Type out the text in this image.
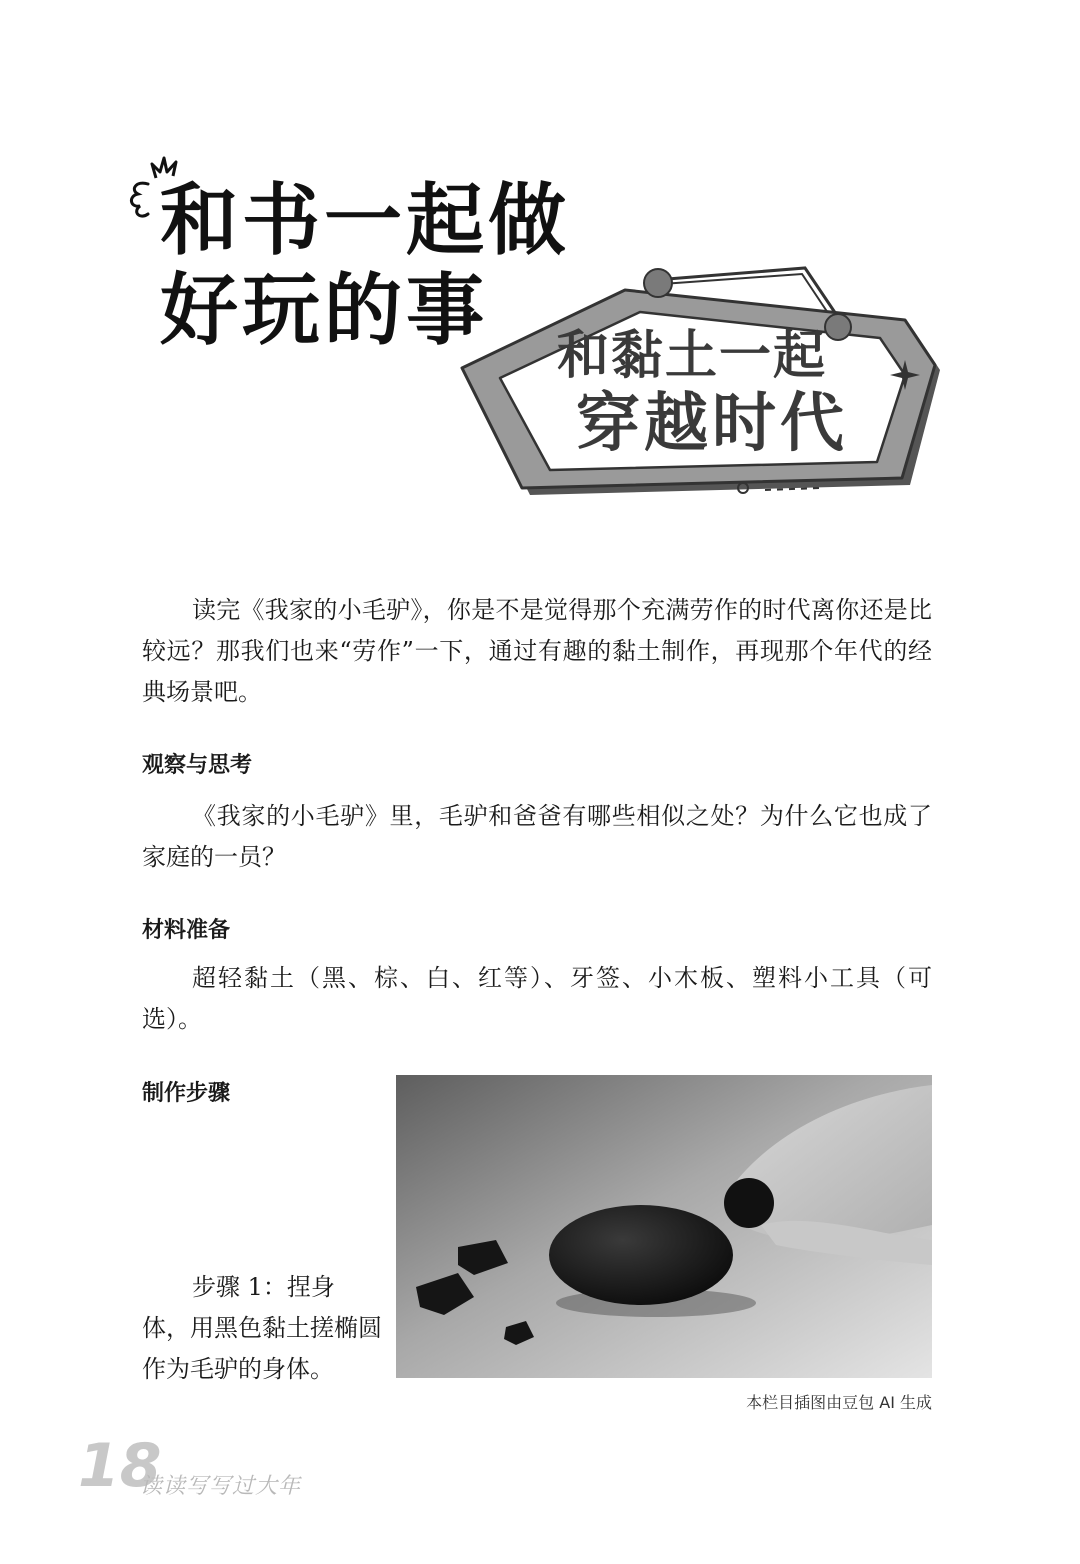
和书一起做
好玩的事 和黏土一起
穿越时代

读完《我家的小毛驴》，你是不是觉得那个充满劳作的时代离你还是比较远？那我们也来“劳作”一下，通过有趣的黏土制作，再现那个年代的经典场景吧。

观察与思考

《我家的小毛驴》里，毛驴和爸爸有哪些相似之处？为什么它也成了家庭的一员？

材料准备

超轻黏土（黑、棕、白、红等）、牙签、小木板、塑料小工具（可选）。

制作步骤

步骤 1：捏身体，用黑色黏土搓椭圆作为毛驴的身体。

本栏目插图由豆包 AI 生成
18
读读写写过大年
